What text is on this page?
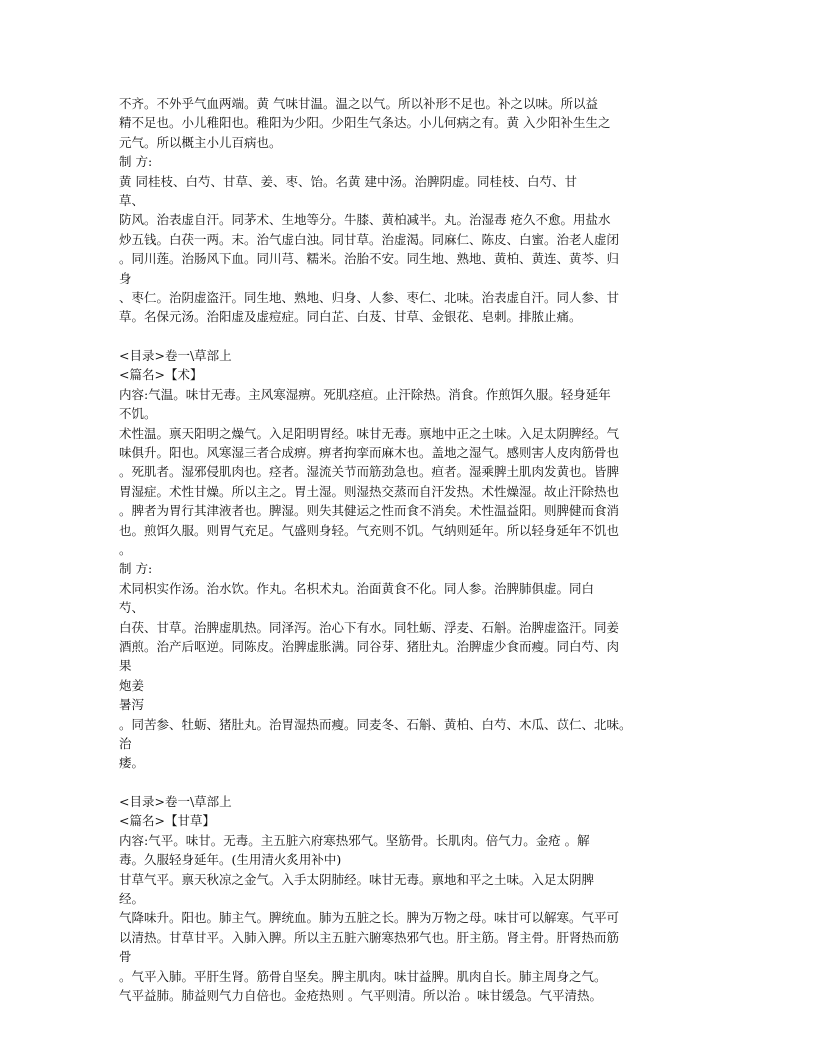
不齐。不外乎气血两端。黄 气味甘温。温之以气。所以补形不足也。补之以味。所以益
精不足也。小儿稚阳也。稚阳为少阳。少阳生气条达。小儿何病之有。黄 入少阳补生生之
元气。所以概主小儿百病也。
制 方:
黄 同桂枝、白芍、甘草、姜、枣、饴。名黄 建中汤。治脾阴虚。同桂枝、白芍、甘
草、
防风。治表虚自汗。同茅术、生地等分。牛膝、黄柏减半。丸。治湿毒 疮久不愈。用盐水
炒五钱。白茯一两。末。治气虚白浊。同甘草。治虚渴。同麻仁、陈皮、白蜜。治老人虚闭
。同川莲。治肠风下血。同川芎、糯米。治胎不安。同生地、熟地、黄柏、黄连、黄芩、归
身
、枣仁。治阴虚盗汗。同生地、熟地、归身、人参、枣仁、北味。治表虚自汗。同人参、甘
草。名保元汤。治阳虚及虚痘症。同白芷、白芨、甘草、金银花、皂刺。排脓止痛。
<目录>卷一\草部上
<篇名>【术】
内容:气温。味甘无毒。主风寒湿痹。死肌痉疸。止汗除热。消食。作煎饵久服。轻身延年
不饥。
术性温。禀天阳明之燥气。入足阳明胃经。味甘无毒。禀地中正之土味。入足太阴脾经。气
味俱升。阳也。风寒湿三者合成痹。痹者拘挛而麻木也。盖地之湿气。感则害人皮肉筋骨也
。死肌者。湿邪侵肌肉也。痉者。湿流关节而筋劲急也。疸者。湿乘脾土肌肉发黄也。皆脾
胃湿症。术性甘燥。所以主之。胃土湿。则湿热交蒸而自汗发热。术性燥湿。故止汗除热也
。脾者为胃行其津液者也。脾湿。则失其健运之性而食不消矣。术性温益阳。则脾健而食消
也。煎饵久服。则胃气充足。气盛则身轻。气充则不饥。气纳则延年。所以轻身延年不饥也
。
制 方:
术同枳实作汤。治水饮。作丸。名枳术丸。治面黄食不化。同人参。治脾肺俱虚。同白
芍、
白茯、甘草。治脾虚肌热。同泽泻。治心下有水。同牡蛎、浮麦、石斛。治脾虚盗汗。同姜
酒煎。治产后呕逆。同陈皮。治脾虚胀满。同谷芽、猪肚丸。治脾虚少食而瘦。同白芍、肉
果
炮姜
暑泻
。同苦参、牡蛎、猪肚丸。治胃湿热而瘦。同麦冬、石斛、黄柏、白芍、木瓜、苡仁、北味。
治
痿。
<目录>卷一\草部上
<篇名>【甘草】
内容:气平。味甘。无毒。主五脏六府寒热邪气。坚筋骨。长肌肉。倍气力。金疮 。解
毒。久服轻身延年。(生用清火炙用补中)
甘草气平。禀天秋凉之金气。入手太阴肺经。味甘无毒。禀地和平之土味。入足太阴脾
经。
气降味升。阳也。肺主气。脾统血。肺为五脏之长。脾为万物之母。味甘可以解寒。气平可
以清热。甘草甘平。入肺入脾。所以主五脏六腑寒热邪气也。肝主筋。肾主骨。肝肾热而筋
骨
。气平入肺。平肝生肾。筋骨自坚矣。脾主肌肉。味甘益脾。肌肉自长。肺主周身之气。
气平益肺。肺益则气力自倍也。金疮热则 。气平则清。所以治 。味甘缓急。气平清热。
